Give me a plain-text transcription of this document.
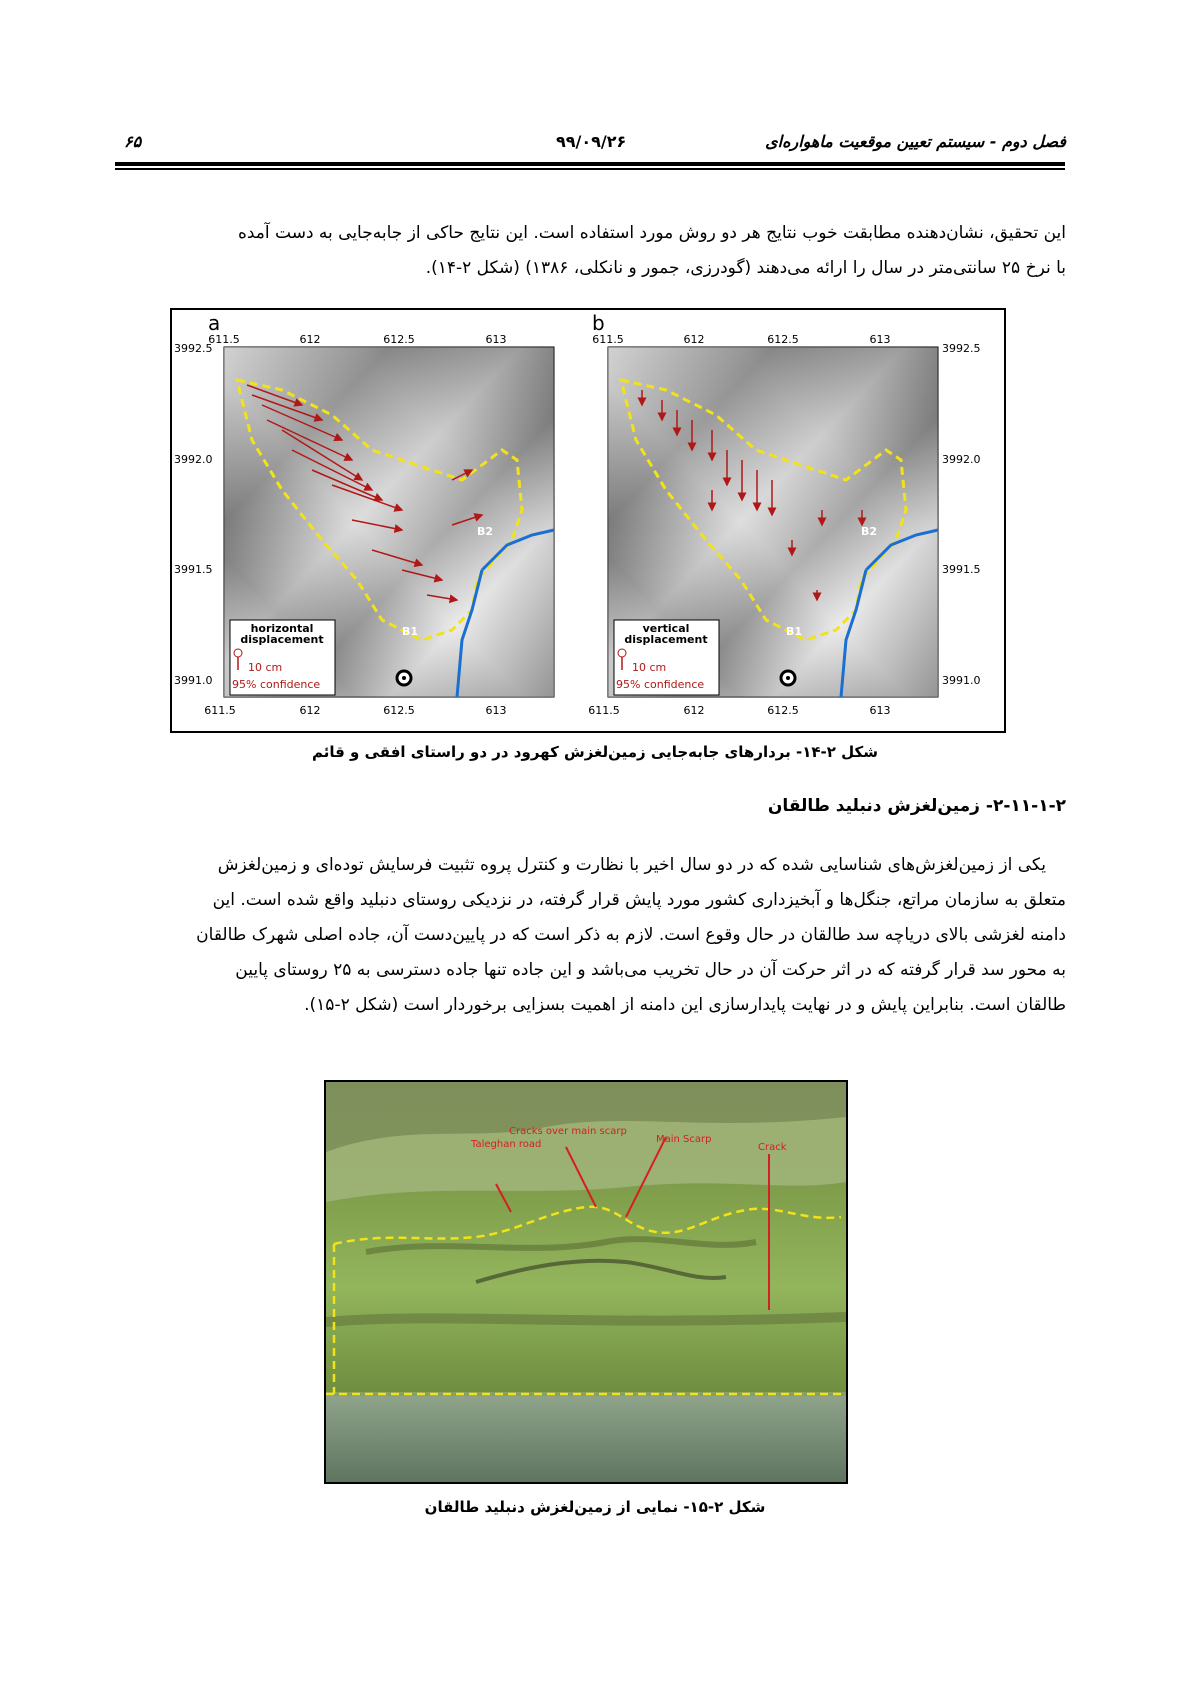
فصل دوم - سیستم تعیین موقعیت ماهواره‌ای
۹۹/۰۹/۲۶
۶۵
این تحقیق، نشان‌دهنده مطابقت خوب نتایج هر دو روش مورد استفاده است. این نتایج حاکی از جابه‌جایی به دست آمده
با نرخ ۲۵ سانتی‌متر در سال را ارائه می‌دهند (گودرزی، جمور و نانکلی، ۱۳۸۶) (شکل ۲-۱۴).
a
horizontal displacement
10 cm
95% confidence
B1
B2
611.5	612	612.5	613
611.5	612	612.5	613
3992.5
3992.0
3991.5
3991.0
b
vertical displacement
10 cm
95% confidence
B1
B2
611.5	612	612.5	613
611.5	612	612.5	613
3992.5
3992.0
3991.5
3991.0
شکل ۲-۱۴- بردارهای جابه‌جایی زمین‌لغزش کهرود در دو راستای افقی و قائم
۲-۱۱-۱-۲- زمین‌لغزش دنبلید طالقان
یکی از زمین‌لغزش‌های شناسایی شده که در دو سال اخیر با نظارت و کنترل پروه تثبیت فرسایش توده‌ای و زمین‌لغزش
متعلق به سازمان مراتع، جنگل‌ها و آبخیزداری کشور مورد پایش قرار گرفته، در نزدیکی روستای دنبلید واقع شده است. این
دامنه لغزشی بالای دریاچه سد طالقان در حال وقوع است. لازم به ذکر است که در پایین‌دست آن، جاده اصلی شهرک طالقان
به محور سد قرار گرفته که در اثر حرکت آن در حال تخریب می‌باشد و این جاده تنها جاده دسترسی به ۲۵ روستای پایین
طالقان است. بنابراین پایش و در نهایت پایدارسازی این دامنه از اهمیت بسزایی برخوردار است (شکل ۲-۱۵).
Cracks over main scarp
Main Scarp
Taleghan road	Crack
شکل ۲-۱۵- نمایی از زمین‌لغزش دنبلید طالقان
